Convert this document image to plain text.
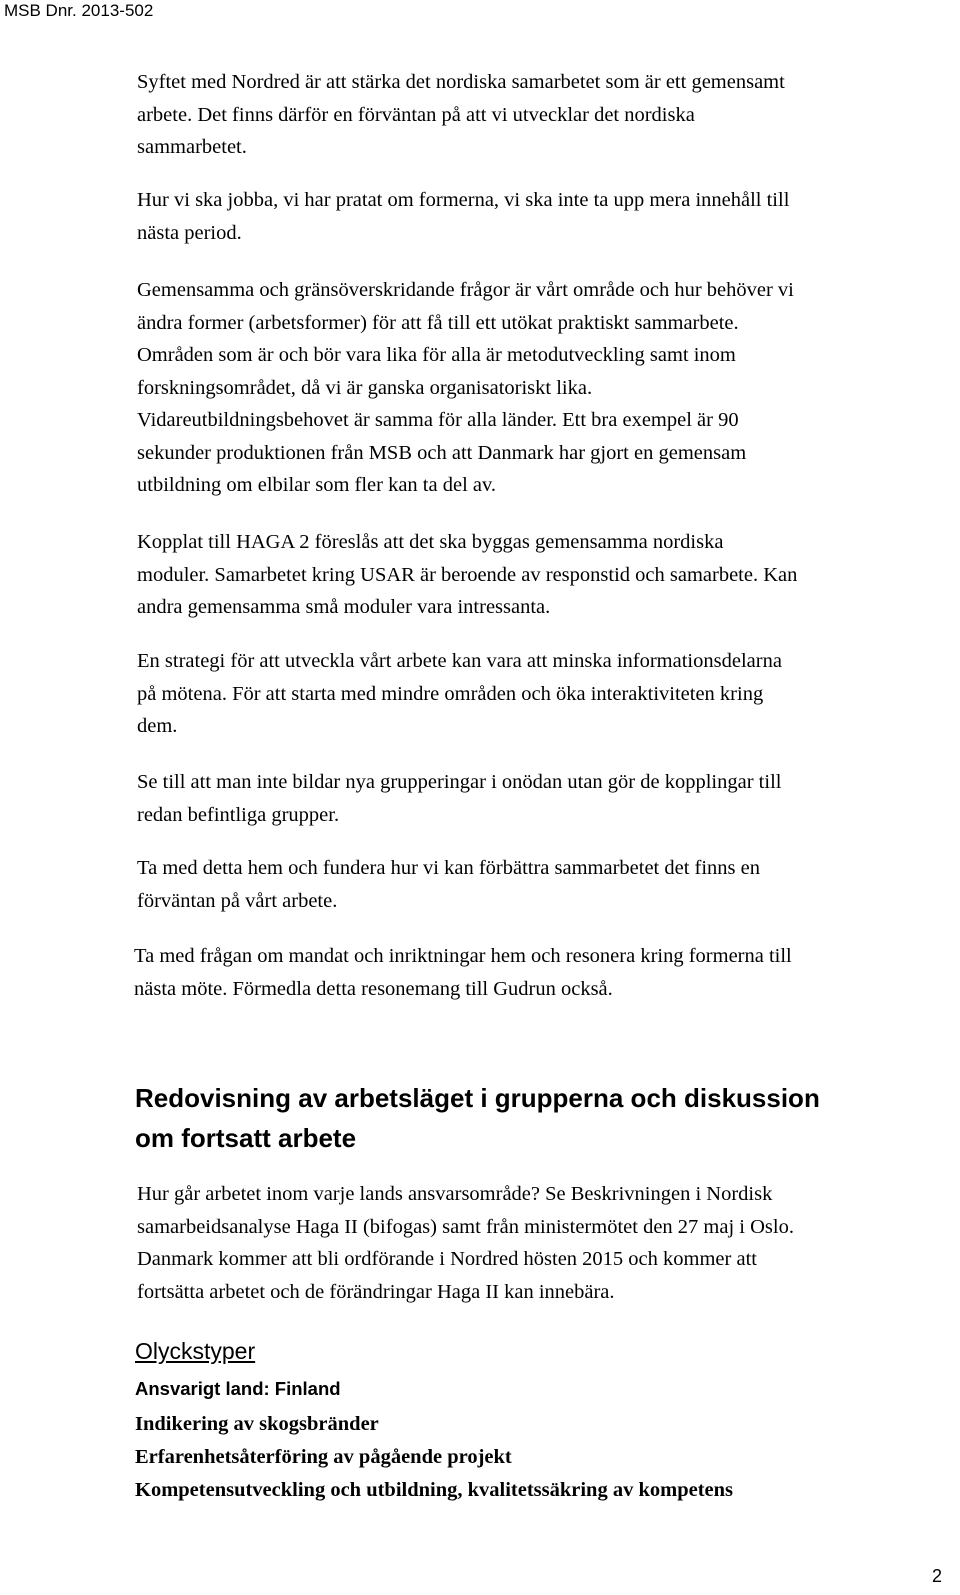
MSB Dnr. 2013-502

Syftet med Nordred är att stärka det nordiska samarbetet som är ett gemensamt
arbete. Det finns därför en förväntan på att vi utvecklar det nordiska
sammarbetet.

Hur vi ska jobba, vi har pratat om formerna, vi ska inte ta upp mera innehåll till
nästa period.

Gemensamma och gränsöverskridande frågor är vårt område och hur behöver vi
ändra former (arbetsformer) för att få till ett utökat praktiskt sammarbete.
Områden som är och bör vara lika för alla är metodutveckling samt inom
forskningsområdet, då vi är ganska organisatoriskt lika.
Vidareutbildningsbehovet är samma för alla länder. Ett bra exempel är 90
sekunder produktionen från MSB och att Danmark har gjort en gemensam
utbildning om elbilar som fler kan ta del av.

Kopplat till HAGA 2 föreslås att det ska byggas gemensamma nordiska
moduler. Samarbetet kring USAR är beroende av responstid och samarbete. Kan
andra gemensamma små moduler vara intressanta.

En strategi för att utveckla vårt arbete kan vara att minska informationsdelarna
på mötena. För att starta med mindre områden och öka interaktiviteten kring
dem.

Se till att man inte bildar nya grupperingar i onödan utan gör de kopplingar till
redan befintliga grupper.

Ta med detta hem och fundera hur vi kan förbättra sammarbetet det finns en
förväntan på vårt arbete.

Ta med frågan om mandat och inriktningar hem och resonera kring formerna till
nästa möte. Förmedla detta resonemang till Gudrun också.

Redovisning av arbetsläget i grupperna och diskussion
om fortsatt arbete

Hur går arbetet inom varje lands ansvarsområde? Se Beskrivningen i Nordisk
samarbeidsanalyse Haga II (bifogas) samt från ministermötet den 27 maj i Oslo.
Danmark kommer att bli ordförande i Nordred hösten 2015 och kommer att
fortsätta arbetet och de förändringar Haga II kan innebära.

Olyckstyper
Ansvarigt land: Finland
Indikering av skogsbränder
Erfarenhetsåterföring av pågående projekt
Kompetensutveckling och utbildning, kvalitetssäkring av kompetens
2
